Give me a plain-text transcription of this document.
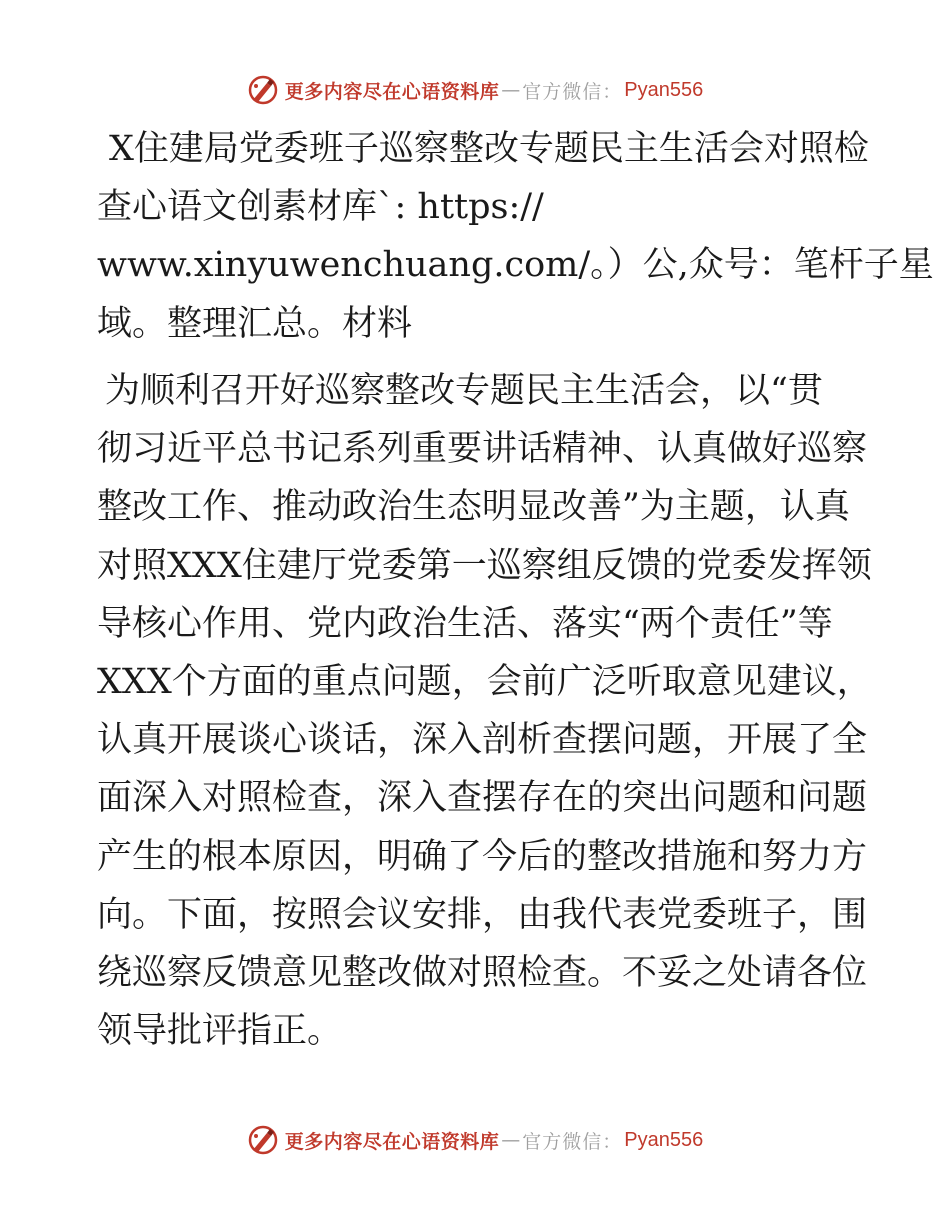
更多内容尽在心语资料库 — 官方微信： Pyan556
X住建局党委班子巡察整改专题民主生活会对照检
查心语文创素材库`: https://
www.xinyuwenchuang.com/。）公,众号：笔杆子星
域。整理汇总。材料
为顺利召开好巡察整改专题民主生活会，以“贯
彻习近平总书记系列重要讲话精神、认真做好巡察
整改工作、推动政治生态明显改善”为主题，认真
对照XXX住建厅党委第一巡察组反馈的党委发挥领
导核心作用、党内政治生活、落实“两个责任”等
XXX个方面的重点问题，会前广泛听取意见建议，
认真开展谈心谈话，深入剖析查摆问题，开展了全
面深入对照检查，深入查摆存在的突出问题和问题
产生的根本原因，明确了今后的整改措施和努力方
向。下面，按照会议安排，由我代表党委班子，围
绕巡察反馈意见整改做对照检查。不妥之处请各位
领导批评指正。
更多内容尽在心语资料库 — 官方微信： Pyan556
